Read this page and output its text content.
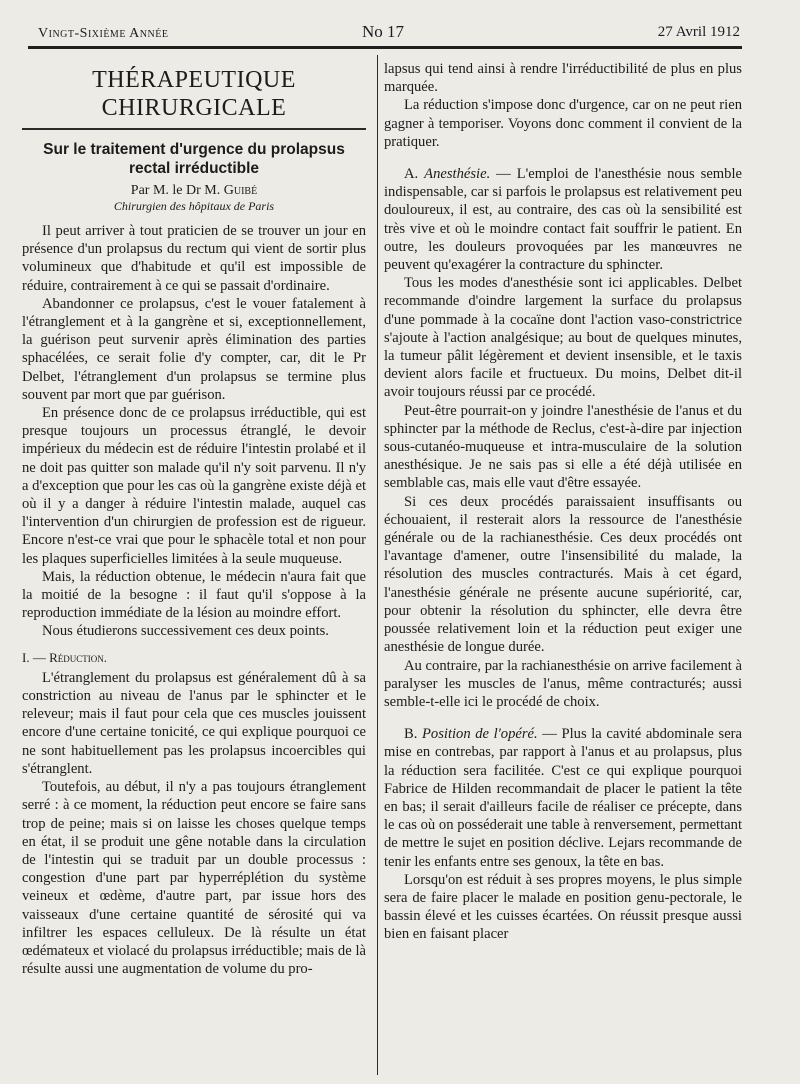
Vingt-Sixième Année	No 17	27 Avril 1912
THÉRAPEUTIQUE CHIRURGICALE
Sur le traitement d'urgence du prolapsus rectal irréductible
Par M. le Dr M. Guibé
Chirurgien des hôpitaux de Paris

Il peut arriver à tout praticien de se trouver un jour en présence d'un prolapsus du rectum qui vient de sortir plus volumineux que d'habitude et qu'il est impossible de réduire, contrairement à ce qui se passait d'ordinaire.

Abandonner ce prolapsus, c'est le vouer fatalement à l'étranglement et à la gangrène et si, exceptionnellement, la guérison peut survenir après élimination des parties sphacélées, ce serait folie d'y compter, car, dit le Pr Delbet, l'étranglement d'un prolapsus se termine plus souvent par mort que par guérison.

En présence donc de ce prolapsus irréductible, qui est presque toujours un processus étranglé, le devoir impérieux du médecin est de réduire l'intestin prolabé et il ne doit pas quitter son malade qu'il n'y soit parvenu. Il n'y a d'exception que pour les cas où la gangrène existe déjà et où il y a danger à réduire l'intestin malade, auquel cas l'intervention d'un chirurgien de profession est de rigueur. Encore n'est-ce vrai que pour le sphacèle total et non pour les plaques superficielles limitées à la seule muqueuse.

Mais, la réduction obtenue, le médecin n'aura fait que la moitié de la besogne : il faut qu'il s'oppose à la reproduction immédiate de la lésion au moindre effort.

Nous étudierons successivement ces deux points.

I. — Réduction.

L'étranglement du prolapsus est généralement dû à sa constriction au niveau de l'anus par le sphincter et le releveur; mais il faut pour cela que ces muscles jouissent encore d'une certaine tonicité, ce qui explique pourquoi ce ne sont habituellement pas les prolapsus incoercibles qui s'étranglent.

Toutefois, au début, il n'y a pas toujours étranglement serré : à ce moment, la réduction peut encore se faire sans trop de peine; mais si on laisse les choses quelque temps en état, il se produit une gêne notable dans la circulation de l'intestin qui se traduit par un double processus : congestion d'une part par hyperréplétion du système veineux et œdème, d'autre part, par issue hors des vaisseaux d'une certaine quantité de sérosité qui va infiltrer les espaces celluleux. De là résulte un état œdémateux et violacé du prolapsus irréductible; mais de là résulte aussi une augmentation de volume du pro-

lapsus qui tend ainsi à rendre l'irréductibilité de plus en plus marquée.

La réduction s'impose donc d'urgence, car on ne peut rien gagner à temporiser. Voyons donc comment il convient de la pratiquer.

A. Anesthésie. — L'emploi de l'anesthésie nous semble indispensable, car si parfois le prolapsus est relativement peu douloureux, il est, au contraire, des cas où la sensibilité est très vive et où le moindre contact fait souffrir le patient. En outre, les douleurs provoquées par les manœuvres ne peuvent qu'exagérer la contracture du sphincter.

Tous les modes d'anesthésie sont ici applicables. Delbet recommande d'oindre largement la surface du prolapsus d'une pommade à la cocaïne dont l'action vaso-constrictrice s'ajoute à l'action analgésique; au bout de quelques minutes, la tumeur pâlit légèrement et devient insensible, et le taxis devient alors facile et fructueux. Du moins, Delbet dit-il avoir toujours réussi par ce procédé.

Peut-être pourrait-on y joindre l'anesthésie de l'anus et du sphincter par la méthode de Reclus, c'est-à-dire par injection sous-cutanéo-muqueuse et intra-musculaire de la solution anesthésique. Je ne sais pas si elle a été déjà utilisée en semblable cas, mais elle vaut d'être essayée.

Si ces deux procédés paraissaient insuffisants ou échouaient, il resterait alors la ressource de l'anesthésie générale ou de la rachianesthésie. Ces deux procédés ont l'avantage d'amener, outre l'insensibilité du malade, la résolution des muscles contracturés. Mais à cet égard, l'anesthésie générale ne présente aucune supériorité, car, pour obtenir la résolution du sphincter, elle devra être poussée relativement loin et la réduction peut exiger une anesthésie de longue durée.

Au contraire, par la rachianesthésie on arrive facilement à paralyser les muscles de l'anus, même contracturés; aussi semble-t-elle ici le procédé de choix.

B. Position de l'opéré. — Plus la cavité abdominale sera mise en contrebas, par rapport à l'anus et au prolapsus, plus la réduction sera facilitée. C'est ce qui explique pourquoi Fabrice de Hilden recommandait de placer le patient la tête en bas; il serait d'ailleurs facile de réaliser ce précepte, dans le cas où on posséderait une table à renversement, permettant de mettre le sujet en position déclive. Lejars recommande de tenir les enfants entre ses genoux, la tête en bas.

Lorsqu'on est réduit à ses propres moyens, le plus simple sera de faire placer le malade en position genu-pectorale, le bassin élevé et les cuisses écartées. On réussit presque aussi bien en faisant placer
